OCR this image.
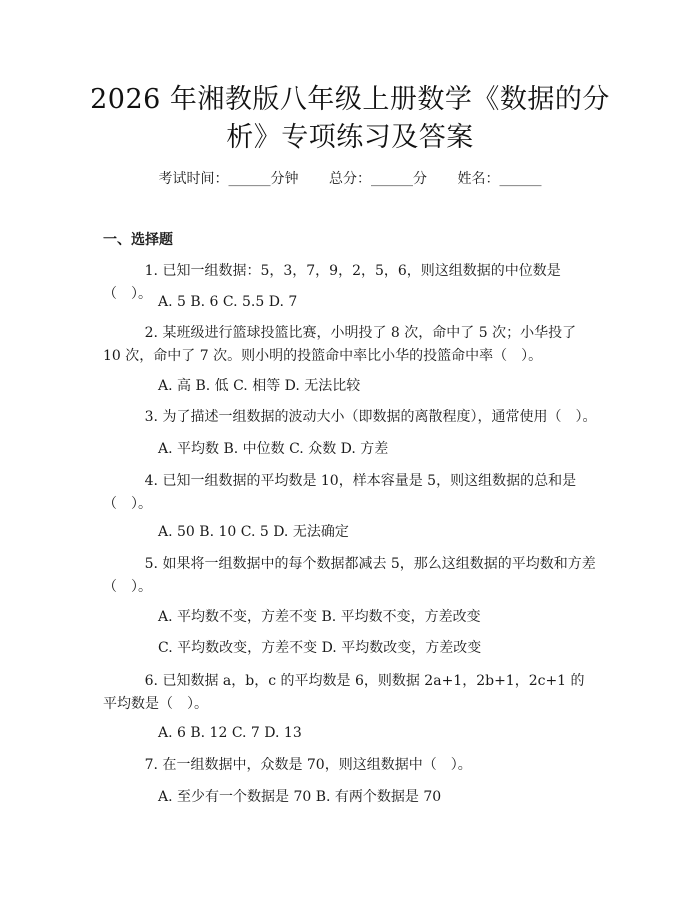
2026 年湘教版八年级上册数学《数据的分
析》专项练习及答案
考试时间：______分钟 总分：______分 姓名：______
一、选择题
1. 已知一组数据：5，3，7，9，2，5，6，则这组数据的中位数是（　）。 A. 5 B. 6 C. 5.5 D. 7
2. 某班级进行篮球投篮比赛，小明投了 8 次，命中了 5 次；小华投了 10 次，命中了 7 次。则小明的投篮命中率比小华的投篮命中率（　）。
A. 高 B. 低 C. 相等 D. 无法比较
3. 为了描述一组数据的波动大小（即数据的离散程度），通常使用（　）。
A. 平均数 B. 中位数 C. 众数 D. 方差
4. 已知一组数据的平均数是 10，样本容量是 5，则这组数据的总和是（　）。
A. 50 B. 10 C. 5 D. 无法确定
5. 如果将一组数据中的每个数据都减去 5，那么这组数据的平均数和方差（　）。
A. 平均数不变，方差不变 B. 平均数不变，方差改变
C. 平均数改变，方差不变 D. 平均数改变，方差改变
6. 已知数据 a，b，c 的平均数是 6，则数据 2a+1，2b+1，2c+1 的平均数是（　）。
A. 6 B. 12 C. 7 D. 13
7. 在一组数据中，众数是 70，则这组数据中（　）。
A. 至少有一个数据是 70 B. 有两个数据是 70
